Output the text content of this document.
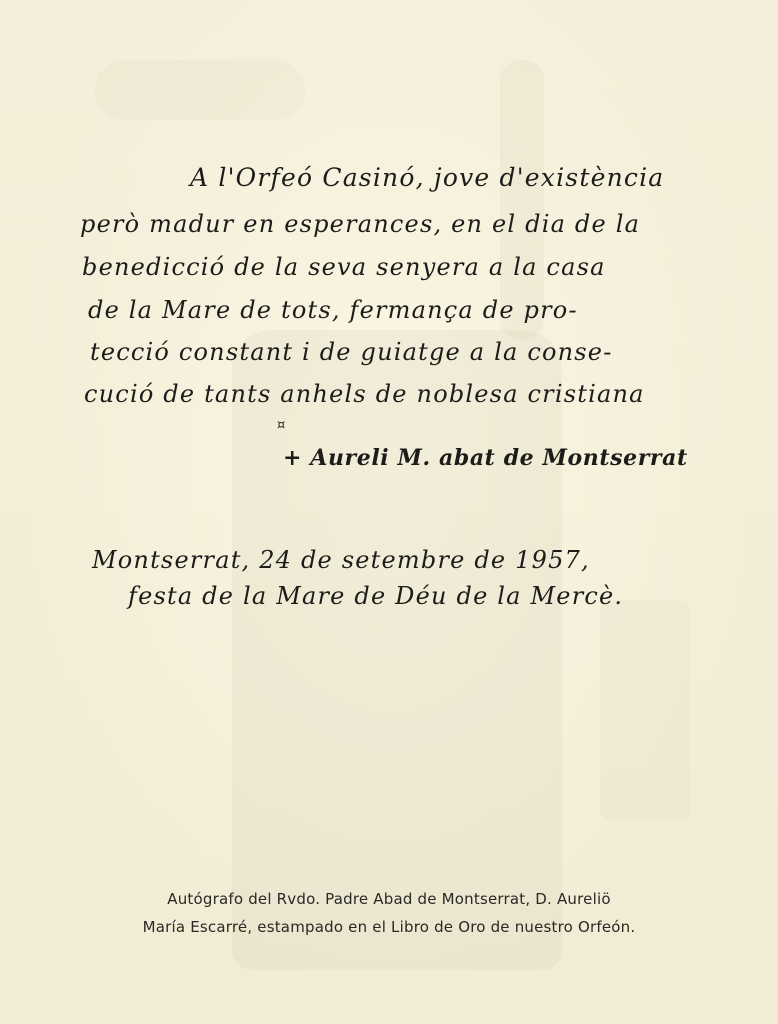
A l'Orfeó Casinó, jove d'existència
però madur en esperances, en el dia de la
benedicció de la seva senyera a la casa
de la Mare de tots, fermança de pro-
tecció constant i de guiatge a la conse-
cució de tants anhels de noblesa cristiana
¤
+ Aureli M. abat de Montserrat
Montserrat, 24 de setembre de 1957,
festa de la Mare de Déu de la Mercè.
Autógrafo del Rvdo. Padre Abad de Montserrat, D. Aureliö
María Escarré, estampado en el Libro de Oro de nuestro Orfeón.
